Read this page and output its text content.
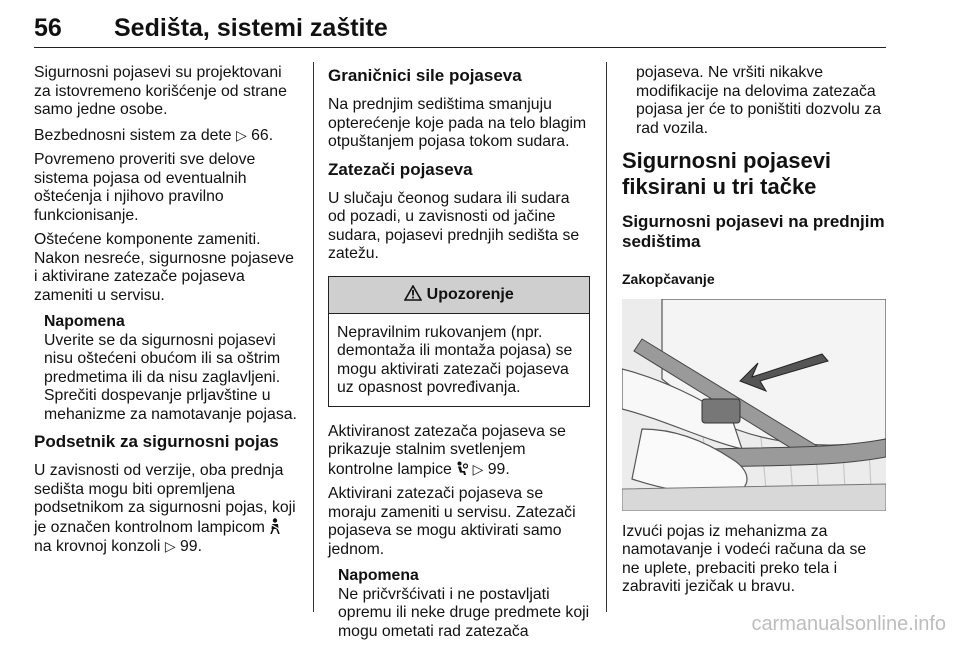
56 Sedišta, sistemi zaštite

Sigurnosni pojasevi su projektovani za istovremeno korišćenje od strane samo jedne osobe.

Bezbednosni sistem za dete ▷ 66.

Povremeno proveriti sve delove sistema pojasa od eventualnih oštećenja i njihovo pravilno funkcionisanje.

Oštećene komponente zameniti. Nakon nesreće, sigurnosne pojaseve i aktivirane zatezače pojaseva zameniti u servisu.

Napomena
Uverite se da sigurnosni pojasevi nisu oštećeni obućom ili sa oštrim predmetima ili da nisu zaglavljeni. Sprečiti dospevanje prljavštine u mehanizme za namotavanje pojasa.
Podsetnik za sigurnosni pojas

U zavisnosti od verzije, oba prednja sedišta mogu biti opremljena podsetnikom za sigurnosni pojas, koji je označen kontrolnom lampicom  na krovnoj konzoli ▷ 99.

Graničnici sile pojaseva

Na prednjim sedištima smanjuju opterećenje koje pada na telo blagim otpuštanjem pojasa tokom sudara.

Zatezači pojaseva

U slučaju čeonog sudara ili sudara od pozadi, u zavisnosti od jačine sudara, pojasevi prednjih sedišta se zatežu.

Upozorenje
Nepravilnim rukovanjem (npr. demontaža ili montaža pojasa) se mogu aktivirati zatezači pojaseva uz opasnost povređivanja.

Aktiviranost zatezača pojaseva se prikazuje stalnim svetlenjem kontrolne lampice ▷ 99.

Aktivirani zatezači pojaseva se moraju zameniti u servisu. Zatezači pojaseva se mogu aktivirati samo jednom.

Napomena
Ne pričvršćivati i ne postavljati opremu ili neke druge predmete koji mogu ometati rad zatezača

pojaseva. Ne vršiti nikakve modifikacije na delovima zatezača pojasa jer će to poništiti dozvolu za rad vozila.

Sigurnosni pojasevi fiksirani u tri tačke
Sigurnosni pojasevi na prednjim sedištima
Zakopčavanje

Izvući pojas iz mehanizma za namotavanje i vodeći računa da se ne uplete, prebaciti preko tela i zabraviti jezičak u bravu.

carmanualsonline.info
